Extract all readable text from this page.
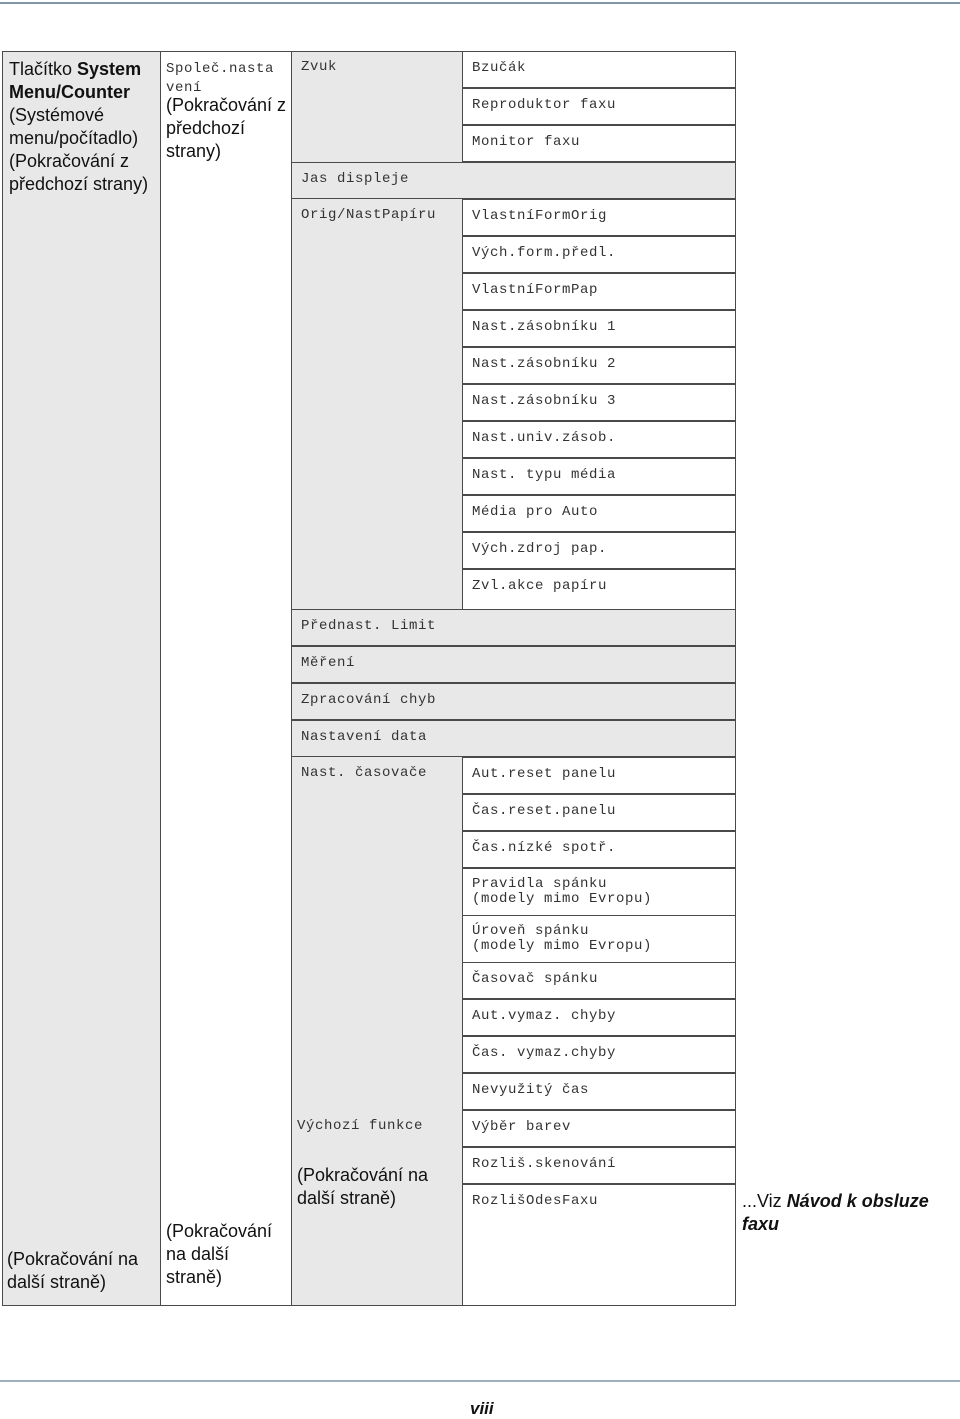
Tlačítko System
Menu/Counter
(Systémové menu/počítadlo) (Pokračování z předchozí strany)
(Pokračování na další straně)
Společ.nasta vení
(Pokračování z předchozí strany)
(Pokračování na další straně)
Zvuk
Orig/NastPapíru
Nast. časovače
Výchozí funkce
(Pokračování na další straně)
Jas displeje
Přednast. Limit
Měření
Zpracování chyb
Nastavení data
Bzučák
Reproduktor faxu
Monitor faxu
VlastníFormOrig
Vých.form.předl.
VlastníFormPap
Nast.zásobníku 1
Nast.zásobníku 2
Nast.zásobníku 3
Nast.univ.zásob.
Nast. typu média
Média pro Auto
Vých.zdroj pap.
Zvl.akce papíru
Aut.reset panelu
Čas.reset.panelu
Čas.nízké spotř.
Pravidla spánku
(modely mimo Evropu)
Úroveň spánku
(modely mimo Evropu)
Časovač spánku
Aut.vymaz. chyby
Čas. vymaz.chyby
Nevyužitý čas
Výběr barev
Rozliš.skenování
RozlišOdesFaxu	...Viz Návod k obsluze faxu
viii
